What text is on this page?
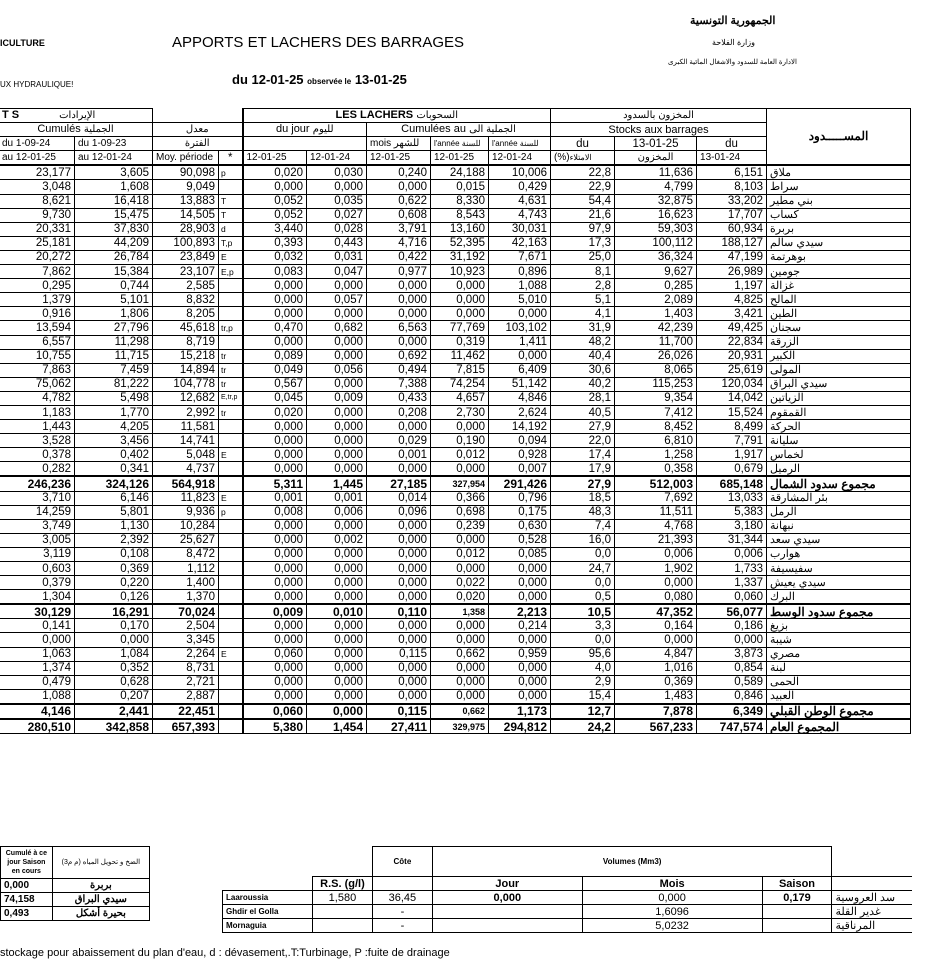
ICULTURE
UX HYDRAULIQUE!
APPORTS ET LACHERS DES BARRAGES
du 12-01-25 observée le 13-01-25
الجمهورية التونسية
وزارة الفلاحة
الادارة العامة للسدود والاشغال المائية الكبرى
T S الإيرادات				LES LACHERS السحوبات					المخزون بالسدود			المســـــدود
Cumulés الجملية		معدل		du jour لليوم		Cumulées au الجملية الى			Stocks aux barrages			
du 1-09-24	du 1-09-23	الفترة				mois للشهر	l'année للسنة	l'année للسنة	du	13-01-25	du	
au 12-01-25	au 12-01-24	Moy. période	*	12-01-25	12-01-24	12-01-25	12-01-25	12-01-24	(%)الامتلاء	المخزون	13-01-24	
23,177	3,605	90,098	p	0,020	0,030	0,240	24,188	10,006	22,8	11,636	6,151	ملاق
3,048	1,608	9,049		0,000	0,000	0,000	0,015	0,429	22,9	4,799	8,103	سراط
8,621	16,418	13,883	T	0,052	0,035	0,622	8,330	4,631	54,4	32,875	33,202	بني مطير
9,730	15,475	14,505	T	0,052	0,027	0,608	8,543	4,743	21,6	16,623	17,707	كساب
20,331	37,830	28,903	d	3,440	0,028	3,791	13,160	30,031	97,9	59,303	60,934	بربرة
25,181	44,209	100,893	T,p	0,393	0,443	4,716	52,395	42,163	17,3	100,112	188,127	سيدي سالم
20,272	26,784	23,849	E	0,032	0,031	0,422	31,192	7,671	25,0	36,324	47,199	بوهرتمة
7,862	15,384	23,107	E,p	0,083	0,047	0,977	10,923	0,896	8,1	9,627	26,989	جومين
0,295	0,744	2,585		0,000	0,000	0,000	0,000	1,088	2,8	0,285	1,197	غزالة
1,379	5,101	8,832		0,000	0,057	0,000	0,000	5,010	5,1	2,089	4,825	المالح
0,916	1,806	8,205		0,000	0,000	0,000	0,000	0,000	4,1	1,403	3,421	الطين
13,594	27,796	45,618	tr,p	0,470	0,682	6,563	77,769	103,102	31,9	42,239	49,425	سجنان
6,557	11,298	8,719		0,000	0,000	0,000	0,319	1,411	48,2	11,700	22,834	الزرقة
10,755	11,715	15,218	tr	0,089	0,000	0,692	11,462	0,000	40,4	26,026	20,931	الكبير
7,863	7,459	14,894	tr	0,049	0,056	0,494	7,815	6,409	30,6	8,065	25,619	المولى
75,062	81,222	104,778	tr	0,567	0,000	7,388	74,254	51,142	40,2	115,253	120,034	سيدي البراق
4,782	5,498	12,682	E,tr,p	0,045	0,009	0,433	4,657	4,846	28,1	9,354	14,042	الزياتين
1,183	1,770	2,992	tr	0,020	0,000	0,208	2,730	2,624	40,5	7,412	15,524	القمقوم
1,443	4,205	11,581		0,000	0,000	0,000	0,000	14,192	27,9	8,452	8,499	الحركة
3,528	3,456	14,741		0,000	0,000	0,029	0,190	0,094	22,0	6,810	7,791	سليانة
0,378	0,402	5,048	E	0,000	0,000	0,001	0,012	0,928	17,4	1,258	1,917	لخماس
0,282	0,341	4,737		0,000	0,000	0,000	0,000	0,007	17,9	0,358	0,679	الرميل
246,236	324,126	564,918		5,311	1,445	27,185	327,954	291,426	27,9	512,003	685,148	مجموع سدود الشمال
3,710	6,146	11,823	E	0,001	0,001	0,014	0,366	0,796	18,5	7,692	13,033	بئر المشارقة
14,259	5,801	9,936	p	0,008	0,006	0,096	0,698	0,175	48,3	11,511	5,383	الرمل
3,749	1,130	10,284		0,000	0,000	0,000	0,239	0,630	7,4	4,768	3,180	نبهانة
3,005	2,392	25,627		0,000	0,002	0,000	0,000	0,528	16,0	21,393	31,344	سيدي سعد
3,119	0,108	8,472		0,000	0,000	0,000	0,012	0,085	0,0	0,006	0,006	هوارب
0,603	0,369	1,112		0,000	0,000	0,000	0,000	0,000	24,7	1,902	1,733	سفيسيفة
0,379	0,220	1,400		0,000	0,000	0,000	0,022	0,000	0,0	0,000	1,337	سيدي يعيش
1,304	0,126	1,370		0,000	0,000	0,000	0,020	0,000	0,5	0,080	0,060	البرك
30,129	16,291	70,024		0,009	0,010	0,110	1,358	2,213	10,5	47,352	56,077	مجموع سدود الوسط
0,141	0,170	2,504		0,000	0,000	0,000	0,000	0,214	3,3	0,164	0,186	بزيغ
0,000	0,000	3,345		0,000	0,000	0,000	0,000	0,000	0,0	0,000	0,000	شيبة
1,063	1,084	2,264	E	0,060	0,000	0,115	0,662	0,959	95,6	4,847	3,873	مصري
1,374	0,352	8,731		0,000	0,000	0,000	0,000	0,000	4,0	1,016	0,854	لبنة
0,479	0,628	2,721		0,000	0,000	0,000	0,000	0,000	2,9	0,369	0,589	الحمى
1,088	0,207	2,887		0,000	0,000	0,000	0,000	0,000	15,4	1,483	0,846	العبيد
4,146	2,441	22,451		0,060	0,000	0,115	0,662	1,173	12,7	7,878	6,349	مجموع الوطن القبلي
280,510	342,858	657,393		5,380	1,454	27,411	329,975	294,812	24,2	567,233	747,574	المجموع العام
Cumulé à ce jour Saison en cours	الضخ و تحويل المياه (م م3)
0,000	بربرة
74,158	سيدي البراق
0,493	بحيرة أشكل
		Côte	Volumes (Mm3)			
	R.S. (g/l)		Jour	Mois	Saison	
Laaroussia	1,580	36,45	0,000	0,000	0,179	سد العروسية
Ghdir el Golla		-		1,6096		غدير القلة
Mornaguia		-		5,0232		المرناقية
stockage pour abaissement du plan d'eau, d : dévasement,.T:Turbinage, P :fuite de drainage
